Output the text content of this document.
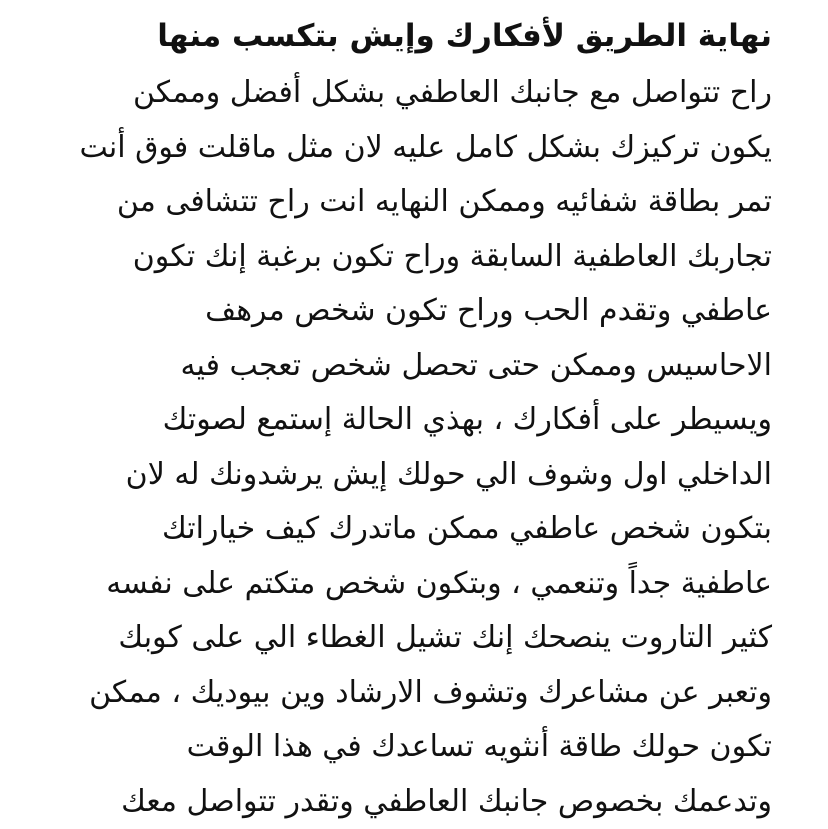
نهاية الطريق لأفكارك وإيش بتكسب منها
راح تتواصل مع جانبك العاطفي بشكل أفضل وممكن
يكون تركيزك بشكل كامل عليه لان مثل ماقلت فوق أنت
تمر بطاقة شفائيه وممكن النهايه انت راح تتشافى من
تجاربك العاطفية السابقة وراح تكون برغبة إنك تكون
عاطفي وتقدم الحب وراح تكون شخص مرهف
الاحاسيس وممكن حتى تحصل شخص تعجب فيه
ويسيطر على أفكارك ، بهذي الحالة إستمع لصوتك
الداخلي اول وشوف الي حولك إيش يرشدونك له لان
بتكون شخص عاطفي ممكن ماتدرك كيف خياراتك
عاطفية جداً وتنعمي ، وبتكون شخص متكتم على نفسه
كثير التاروت ينصحك إنك تشيل الغطاء الي على كوبك
وتعبر عن مشاعرك وتشوف الارشاد وين بيوديك ، ممكن
تكون حولك طاقة أنثويه تساعدك في هذا الوقت
وتدعمك بخصوص جانبك العاطفي وتقدر تتواصل معك
